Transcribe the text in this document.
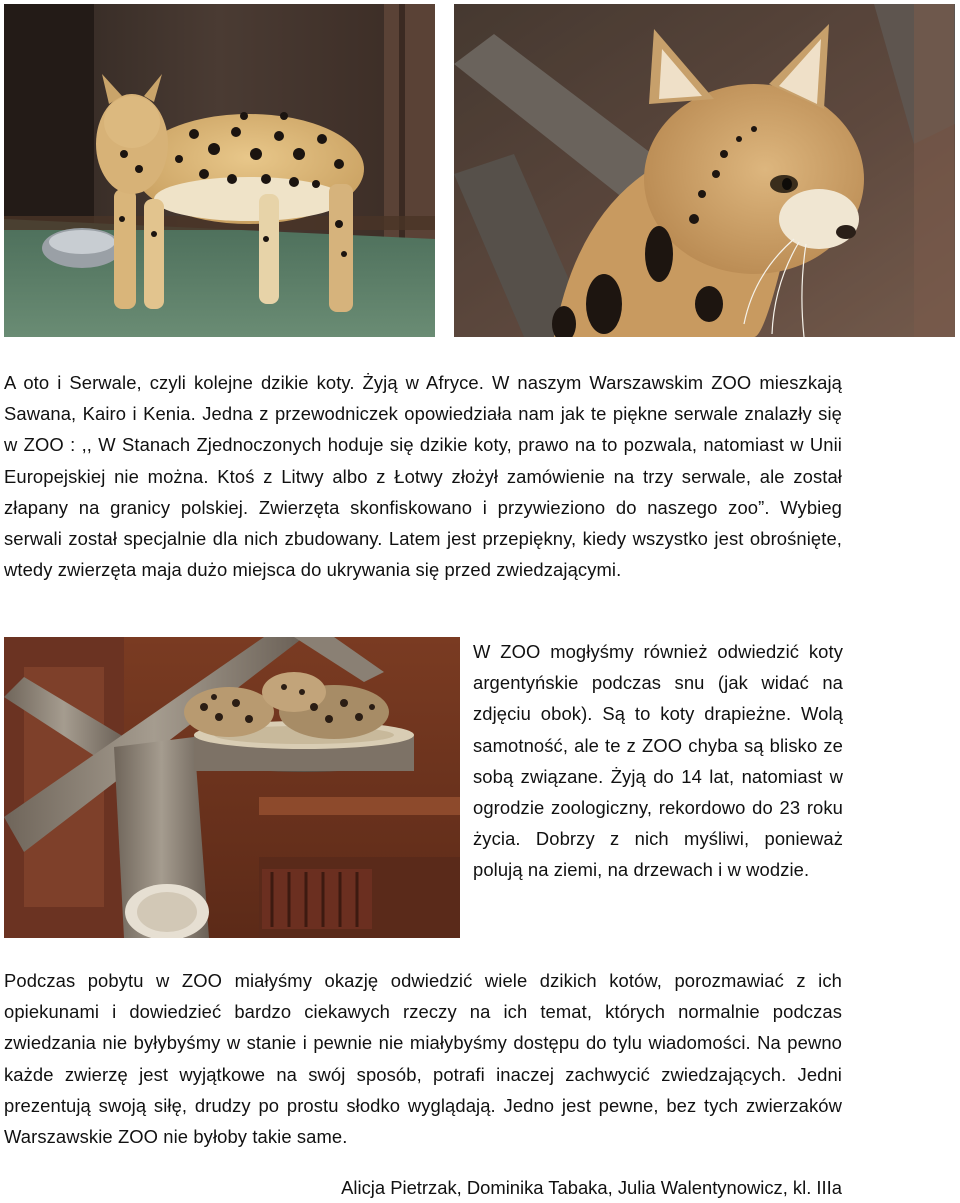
A oto i Serwale, czyli kolejne dzikie koty. Żyją w Afryce. W naszym Warszawskim ZOO mieszkają Sawana, Kairo i Kenia. Jedna z przewodniczek opowiedziała nam jak te piękne serwale znalazły się w ZOO : ,, W Stanach Zjednoczonych hoduje się dzikie koty, prawo na to pozwala, natomiast w Unii Europejskiej nie można. Ktoś z Litwy albo z Łotwy złożył zamówienie na trzy serwale, ale został złapany na granicy polskiej. Zwierzęta skonfiskowano i przywieziono do naszego zoo”. Wybieg serwali został specjalnie dla nich zbudowany. Latem jest przepiękny, kiedy wszystko jest obrośnięte, wtedy zwierzęta maja dużo miejsca do ukrywania się przed zwiedzającymi.

W ZOO mogłyśmy również odwiedzić koty argentyńskie podczas snu (jak widać na zdjęciu obok). Są to koty drapieżne. Wolą samotność, ale te z ZOO chyba są blisko ze sobą związane. Żyją do 14 lat, natomiast w ogrodzie zoologiczny, rekordowo do 23 roku życia. Dobrzy z nich myśliwi, ponieważ polują na ziemi, na drzewach i w wodzie.

Podczas pobytu w ZOO miałyśmy okazję odwiedzić wiele dzikich kotów, porozmawiać z ich opiekunami i dowiedzieć bardzo ciekawych rzeczy na ich temat, których normalnie podczas zwiedzania nie byłybyśmy w stanie i pewnie nie miałybyśmy dostępu do tylu wiadomości. Na pewno każde zwierzę jest wyjątkowe na swój sposób, potrafi inaczej zachwycić zwiedzających. Jedni prezentują swoją siłę, drudzy po prostu słodko wyglądają. Jedno jest pewne, bez tych zwierzaków Warszawskie ZOO nie byłoby takie same.

Alicja Pietrzak, Dominika Tabaka, Julia Walentynowicz, kl. IIIa
